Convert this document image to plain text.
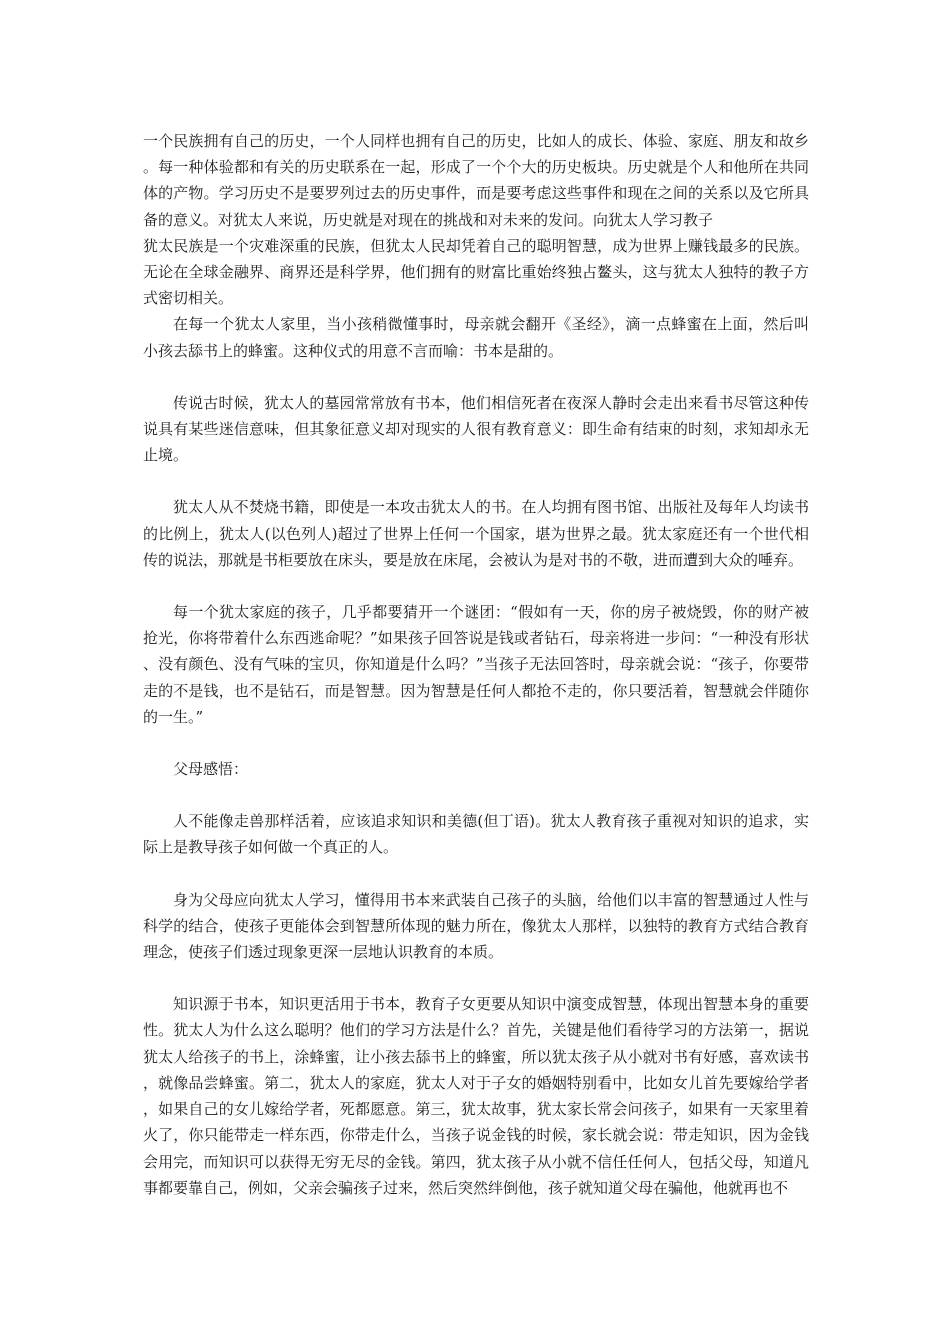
一个民族拥有自己的历史，一个人同样也拥有自己的历史，比如人的成长、体验、家庭、朋友和故乡。每一种体验都和有关的历史联系在一起，形成了一个个大的历史板块。历史就是个人和他所在共同体的产物。学习历史不是要罗列过去的历史事件，而是要考虑这些事件和现在之间的关系以及它所具备的意义。对犹太人来说，历史就是对现在的挑战和对未来的发问。向犹太人学习教子

犹太民族是一个灾难深重的民族，但犹太人民却凭着自己的聪明智慧，成为世界上赚钱最多的民族。无论在全球金融界、商界还是科学界，他们拥有的财富比重始终独占鳌头，这与犹太人独特的教子方式密切相关。

在每一个犹太人家里，当小孩稍微懂事时，母亲就会翻开《圣经》，滴一点蜂蜜在上面，然后叫小孩去舔书上的蜂蜜。这种仪式的用意不言而喻：书本是甜的。

传说古时候，犹太人的墓园常常放有书本，他们相信死者在夜深人静时会走出来看书尽管这种传说具有某些迷信意味，但其象征意义却对现实的人很有教育意义：即生命有结束的时刻，求知却永无止境。

犹太人从不焚烧书籍，即使是一本攻击犹太人的书。在人均拥有图书馆、出版社及每年人均读书的比例上，犹太人(以色列人)超过了世界上任何一个国家，堪为世界之最。犹太家庭还有一个世代相传的说法，那就是书柜要放在床头，要是放在床尾，会被认为是对书的不敬，进而遭到大众的唾弃。

每一个犹太家庭的孩子，几乎都要猜开一个谜团：“假如有一天，你的房子被烧毁，你的财产被抢光，你将带着什么东西逃命呢？”如果孩子回答说是钱或者钻石，母亲将进一步问：“一种没有形状、没有颜色、没有气味的宝贝，你知道是什么吗？”当孩子无法回答时，母亲就会说：“孩子，你要带走的不是钱，也不是钻石，而是智慧。因为智慧是任何人都抢不走的，你只要活着，智慧就会伴随你的一生。”

父母感悟：

人不能像走兽那样活着，应该追求知识和美德(但丁语)。犹太人教育孩子重视对知识的追求，实际上是教导孩子如何做一个真正的人。

身为父母应向犹太人学习，懂得用书本来武装自己孩子的头脑，给他们以丰富的智慧通过人性与科学的结合，使孩子更能体会到智慧所体现的魅力所在，像犹太人那样，以独特的教育方式结合教育理念，使孩子们透过现象更深一层地认识教育的本质。

知识源于书本，知识更活用于书本，教育子女更要从知识中演变成智慧，体现出智慧本身的重要性。犹太人为什么这么聪明？他们的学习方法是什么？首先，关键是他们看待学习的方法第一，据说犹太人给孩子的书上，涂蜂蜜，让小孩去舔书上的蜂蜜，所以犹太孩子从小就对书有好感，喜欢读书，就像品尝蜂蜜。第二，犹太人的家庭，犹太人对于子女的婚姻特别看中，比如女儿首先要嫁给学者，如果自己的女儿嫁给学者，死都愿意。第三，犹太故事，犹太家长常会问孩子，如果有一天家里着火了，你只能带走一样东西，你带走什么，当孩子说金钱的时候，家长就会说：带走知识，因为金钱会用完，而知识可以获得无穷无尽的金钱。第四，犹太孩子从小就不信任任何人，包括父母，知道凡事都要靠自己，例如，父亲会骗孩子过来，然后突然绊倒他，孩子就知道父母在骗他，他就再也不
